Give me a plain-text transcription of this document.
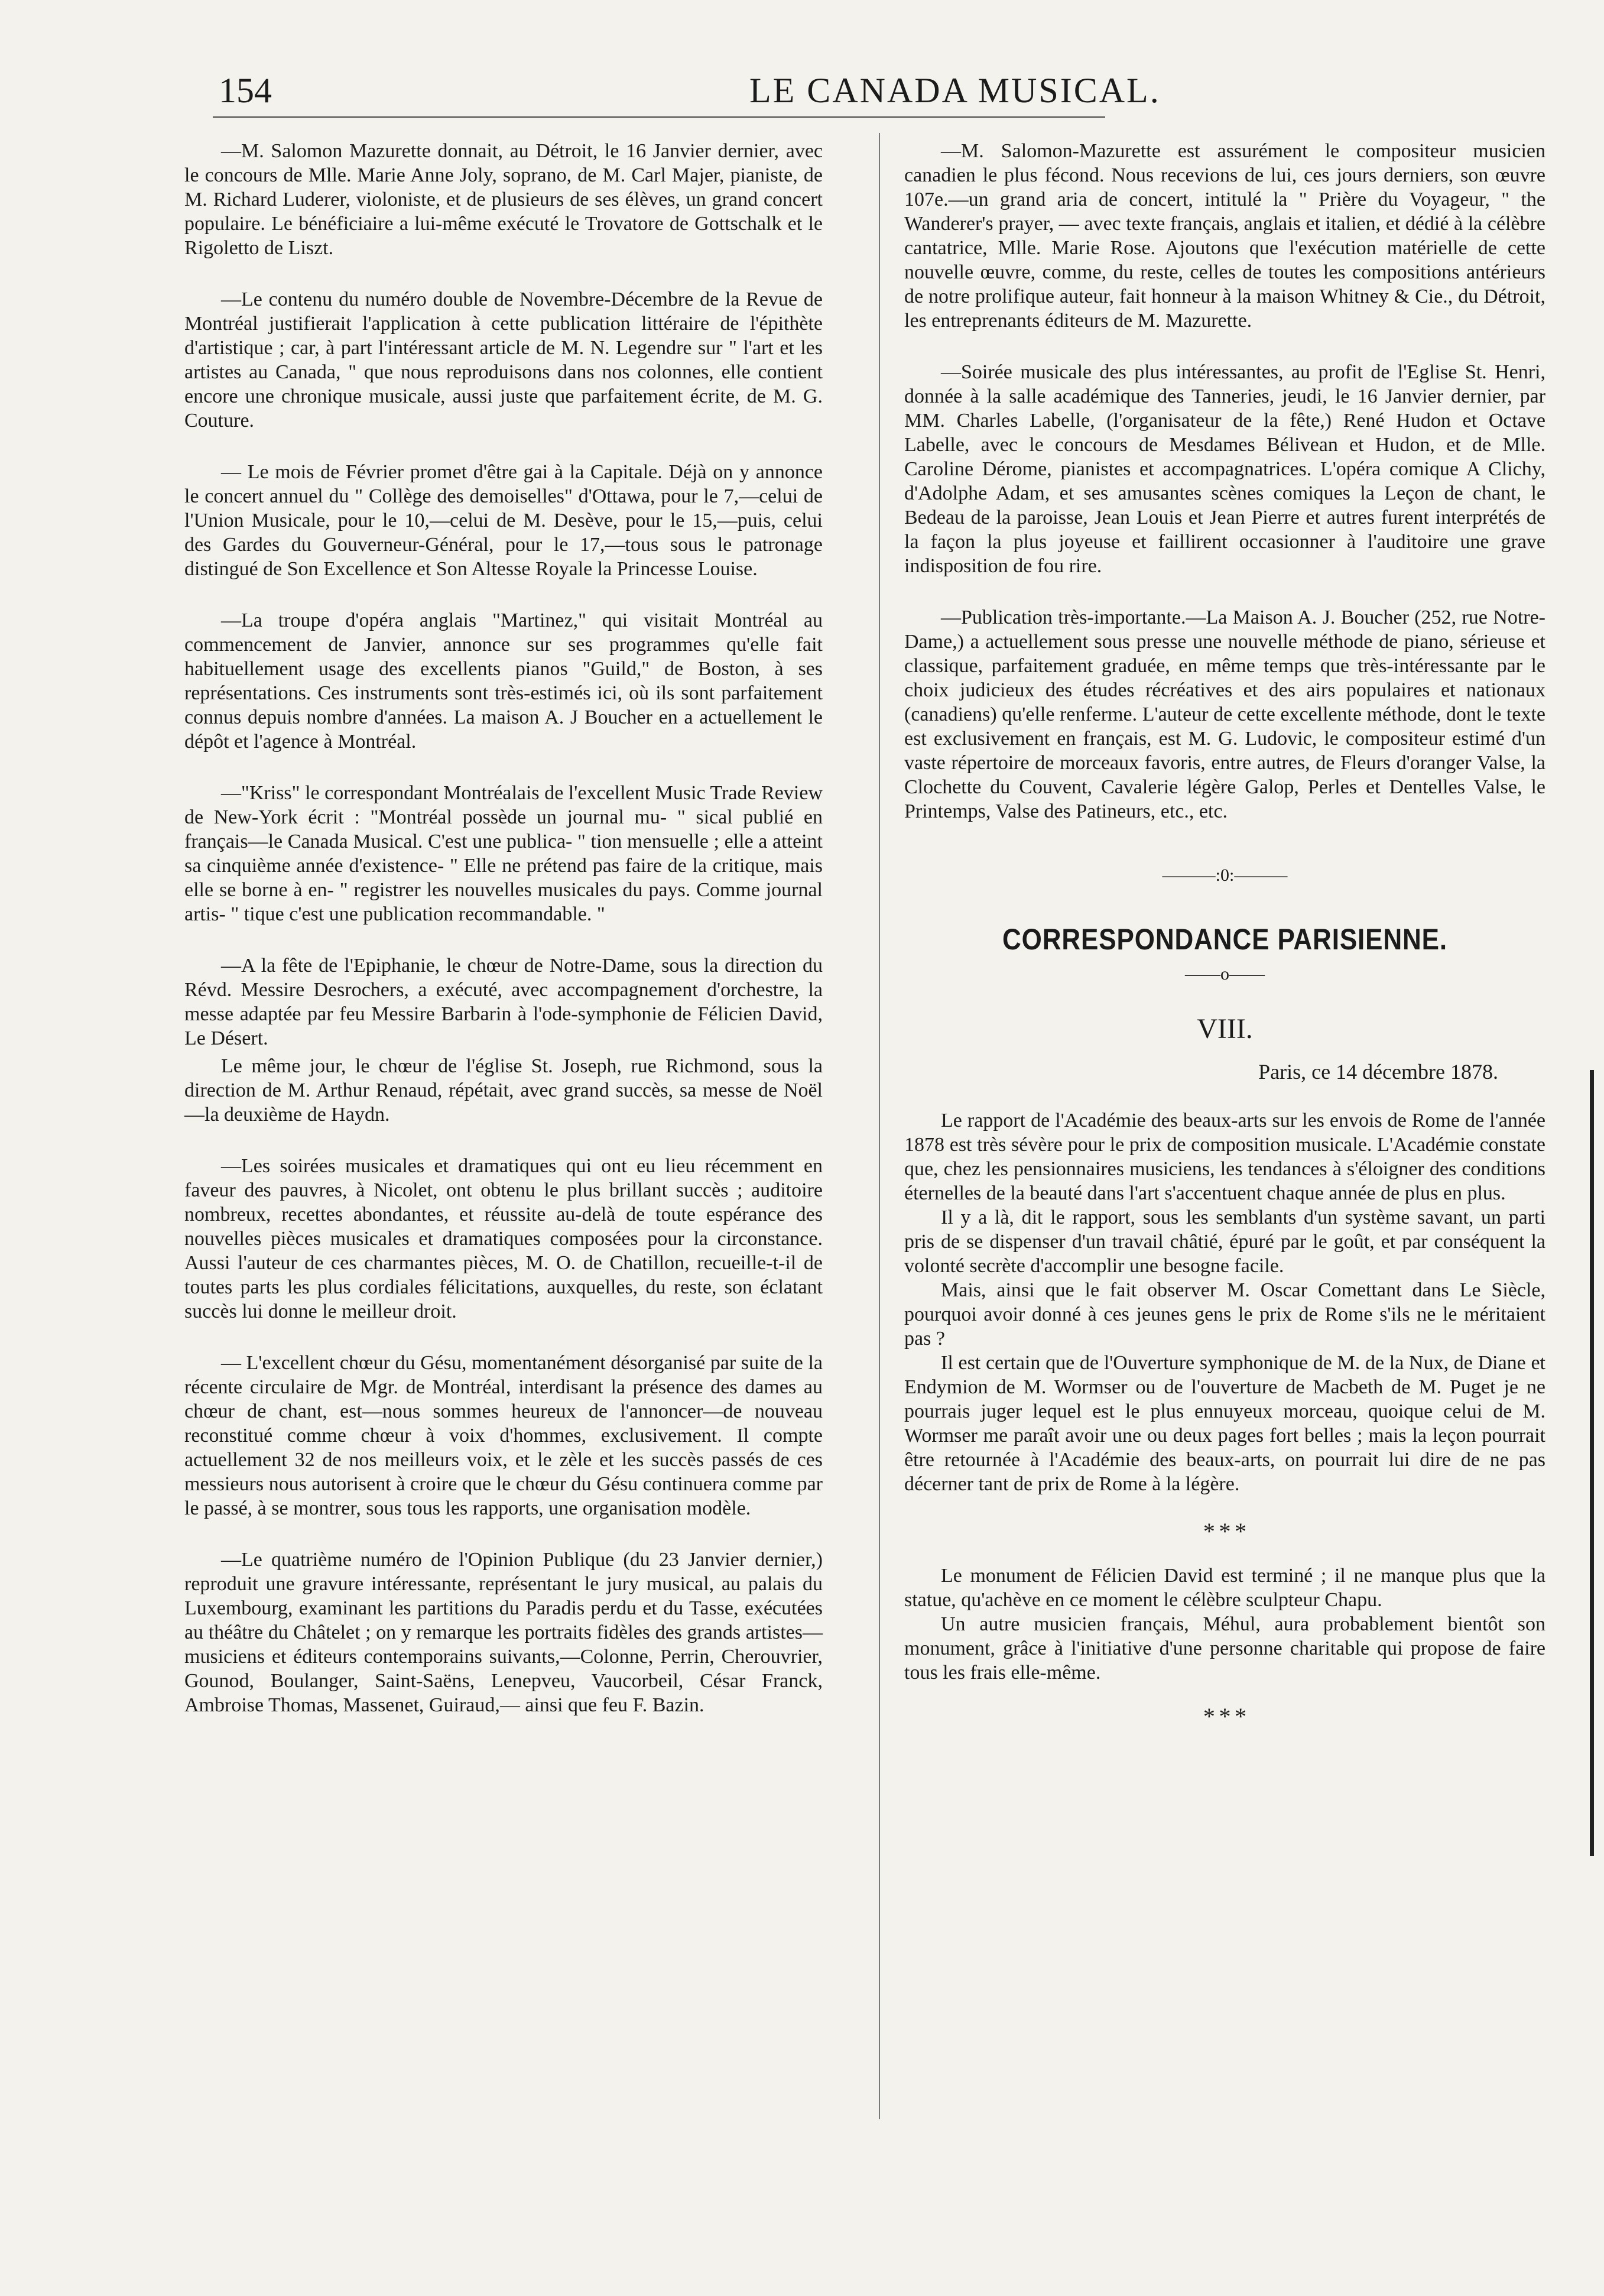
154	LE CANADA MUSICAL.

—M. Salomon Mazurette donnait, au Détroit, le 16 Janvier dernier, avec le concours de Mlle. Marie Anne Joly, soprano, de M. Carl Majer, pianiste, de M. Richard Luderer, violoniste, et de plusieurs de ses élèves, un grand concert populaire. Le bénéficiaire a lui-même exécuté le Trovatore de Gottschalk et le Rigoletto de Liszt.

—Le contenu du numéro double de Novembre-Décembre de la Revue de Montréal justifierait l'application à cette publication littéraire de l'épithète d'artistique ; car, à part l'intéressant article de M. N. Legendre sur " l'art et les artistes au Canada, " que nous reproduisons dans nos colonnes, elle contient encore une chronique musicale, aussi juste que parfaitement écrite, de M. G. Couture.

— Le mois de Février promet d'être gai à la Capitale. Déjà on y annonce le concert annuel du " Collège des demoiselles" d'Ottawa, pour le 7,—celui de l'Union Musicale, pour le 10,—celui de M. Desève, pour le 15,—puis, celui des Gardes du Gouverneur-Général, pour le 17,—tous sous le patronage distingué de Son Excellence et Son Altesse Royale la Princesse Louise.

—La troupe d'opéra anglais "Martinez," qui visitait Montréal au commencement de Janvier, annonce sur ses programmes qu'elle fait habituellement usage des excellents pianos "Guild," de Boston, à ses représentations. Ces instruments sont très-estimés ici, où ils sont parfaitement connus depuis nombre d'années. La maison A. J Boucher en a actuellement le dépôt et l'agence à Montréal.

—"Kriss" le correspondant Montréalais de l'excellent Music Trade Review de New-York écrit : "Montréal possède un journal mu- " sical publié en français—le Canada Musical. C'est une publica- " tion mensuelle ; elle a atteint sa cinquième année d'existence- " Elle ne prétend pas faire de la critique, mais elle se borne à en- " registrer les nouvelles musicales du pays. Comme journal artis- " tique c'est une publication recommandable. "

—A la fête de l'Epiphanie, le chœur de Notre-Dame, sous la direction du Révd. Messire Desrochers, a exécuté, avec accompagnement d'orchestre, la messe adaptée par feu Messire Barbarin à l'ode-symphonie de Félicien David, Le Désert.

Le même jour, le chœur de l'église St. Joseph, rue Richmond, sous la direction de M. Arthur Renaud, répétait, avec grand succès, sa messe de Noël—la deuxième de Haydn.

—Les soirées musicales et dramatiques qui ont eu lieu récemment en faveur des pauvres, à Nicolet, ont obtenu le plus brillant succès ; auditoire nombreux, recettes abondantes, et réussite au-delà de toute espérance des nouvelles pièces musicales et dramatiques composées pour la circonstance. Aussi l'auteur de ces charmantes pièces, M. O. de Chatillon, recueille-t-il de toutes parts les plus cordiales félicitations, auxquelles, du reste, son éclatant succès lui donne le meilleur droit.

— L'excellent chœur du Gésu, momentanément désorganisé par suite de la récente circulaire de Mgr. de Montréal, interdisant la présence des dames au chœur de chant, est—nous sommes heureux de l'annoncer—de nouveau reconstitué comme chœur à voix d'hommes, exclusivement. Il compte actuellement 32 de nos meilleurs voix, et le zèle et les succès passés de ces messieurs nous autorisent à croire que le chœur du Gésu continuera comme par le passé, à se montrer, sous tous les rapports, une organisation modèle.

—Le quatrième numéro de l'Opinion Publique (du 23 Janvier dernier,) reproduit une gravure intéressante, représentant le jury musical, au palais du Luxembourg, examinant les partitions du Paradis perdu et du Tasse, exécutées au théâtre du Châtelet ; on y remarque les portraits fidèles des grands artistes—musiciens et éditeurs contemporains suivants,—Colonne, Perrin, Cherouvrier, Gounod, Boulanger, Saint-Saëns, Lenepveu, Vaucorbeil, César Franck, Ambroise Thomas, Massenet, Guiraud,— ainsi que feu F. Bazin.

—M. Salomon-Mazurette est assurément le compositeur musicien canadien le plus fécond. Nous recevions de lui, ces jours derniers, son œuvre 107e.—un grand aria de concert, intitulé la " Prière du Voyageur, " the Wanderer's prayer, — avec texte français, anglais et italien, et dédié à la célèbre cantatrice, Mlle. Marie Rose. Ajoutons que l'exécution matérielle de cette nouvelle œuvre, comme, du reste, celles de toutes les compositions antérieurs de notre prolifique auteur, fait honneur à la maison Whitney & Cie., du Détroit, les entreprenants éditeurs de M. Mazurette.

—Soirée musicale des plus intéressantes, au profit de l'Eglise St. Henri, donnée à la salle académique des Tanneries, jeudi, le 16 Janvier dernier, par MM. Charles Labelle, (l'organisateur de la fête,) René Hudon et Octave Labelle, avec le concours de Mesdames Bélivean et Hudon, et de Mlle. Caroline Dérome, pianistes et accompagnatrices. L'opéra comique A Clichy, d'Adolphe Adam, et ses amusantes scènes comiques la Leçon de chant, le Bedeau de la paroisse, Jean Louis et Jean Pierre et autres furent interprétés de la façon la plus joyeuse et faillirent occasionner à l'auditoire une grave indisposition de fou rire.

—Publication très-importante.—La Maison A. J. Boucher (252, rue Notre-Dame,) a actuellement sous presse une nouvelle méthode de piano, sérieuse et classique, parfaitement graduée, en même temps que très-intéressante par le choix judicieux des études récréatives et des airs populaires et nationaux (canadiens) qu'elle renferme. L'auteur de cette excellente méthode, dont le texte est exclusivement en français, est M. G. Ludovic, le compositeur estimé d'un vaste répertoire de morceaux favoris, entre autres, de Fleurs d'oranger Valse, la Clochette du Couvent, Cavalerie légère Galop, Perles et Dentelles Valse, le Printemps, Valse des Patineurs, etc., etc.

———:0:———
CORRESPONDANCE PARISIENNE.
——o——
VIII.
Paris, ce 14 décembre 1878.

Le rapport de l'Académie des beaux-arts sur les envois de Rome de l'année 1878 est très sévère pour le prix de composition musicale. L'Académie constate que, chez les pensionnaires musiciens, les tendances à s'éloigner des conditions éternelles de la beauté dans l'art s'accentuent chaque année de plus en plus.

Il y a là, dit le rapport, sous les semblants d'un système savant, un parti pris de se dispenser d'un travail châtié, épuré par le goût, et par conséquent la volonté secrète d'accomplir une besogne facile.

Mais, ainsi que le fait observer M. Oscar Comettant dans Le Siècle, pourquoi avoir donné à ces jeunes gens le prix de Rome s'ils ne le méritaient pas ?

Il est certain que de l'Ouverture symphonique de M. de la Nux, de Diane et Endymion de M. Wormser ou de l'ouverture de Macbeth de M. Puget je ne pourrais juger lequel est le plus ennuyeux morceau, quoique celui de M. Wormser me paraît avoir une ou deux pages fort belles ; mais la leçon pourrait être retournée à l'Académie des beaux-arts, on pourrait lui dire de ne pas décerner tant de prix de Rome à la légère.

* * *

Le monument de Félicien David est terminé ; il ne manque plus que la statue, qu'achève en ce moment le célèbre sculpteur Chapu.

Un autre musicien français, Méhul, aura probablement bientôt son monument, grâce à l'initiative d'une personne charitable qui propose de faire tous les frais elle-même.

* * *
